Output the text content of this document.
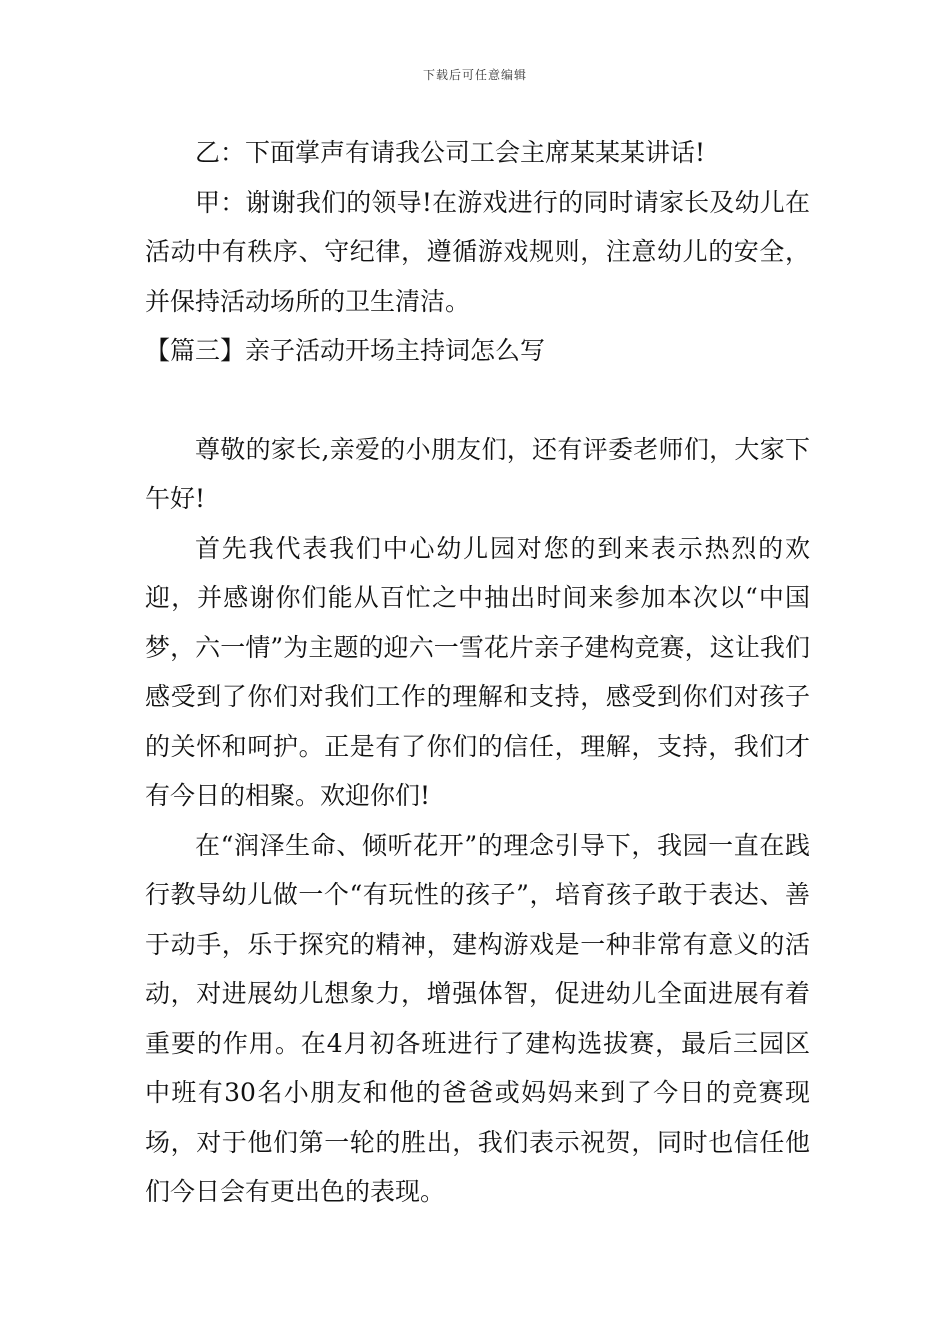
下载后可任意编辑

乙：下面掌声有请我公司工会主席某某某讲话!

甲：谢谢我们的领导!在游戏进行的同时请家长及幼儿在活动中有秩序、守纪律，遵循游戏规则，注意幼儿的安全，并保持活动场所的卫生清洁。

【篇三】亲子活动开场主持词怎么写

尊敬的家长,亲爱的小朋友们，还有评委老师们，大家下午好!

首先我代表我们中心幼儿园对您的到来表示热烈的欢迎，并感谢你们能从百忙之中抽出时间来参加本次以“中国梦，六一情”为主题的迎六一雪花片亲子建构竞赛，这让我们感受到了你们对我们工作的理解和支持，感受到你们对孩子的关怀和呵护。正是有了你们的信任，理解，支持，我们才有今日的相聚。欢迎你们!

在“润泽生命、倾听花开”的理念引导下，我园一直在践行教导幼儿做一个“有玩性的孩子”，培育孩子敢于表达、善于动手，乐于探究的精神，建构游戏是一种非常有意义的活动，对进展幼儿想象力，增强体智，促进幼儿全面进展有着重要的作用。在4月初各班进行了建构选拔赛，最后三园区中班有30名小朋友和他的爸爸或妈妈来到了今日的竞赛现场，对于他们第一轮的胜出，我们表示祝贺，同时也信任他们今日会有更出色的表现。
